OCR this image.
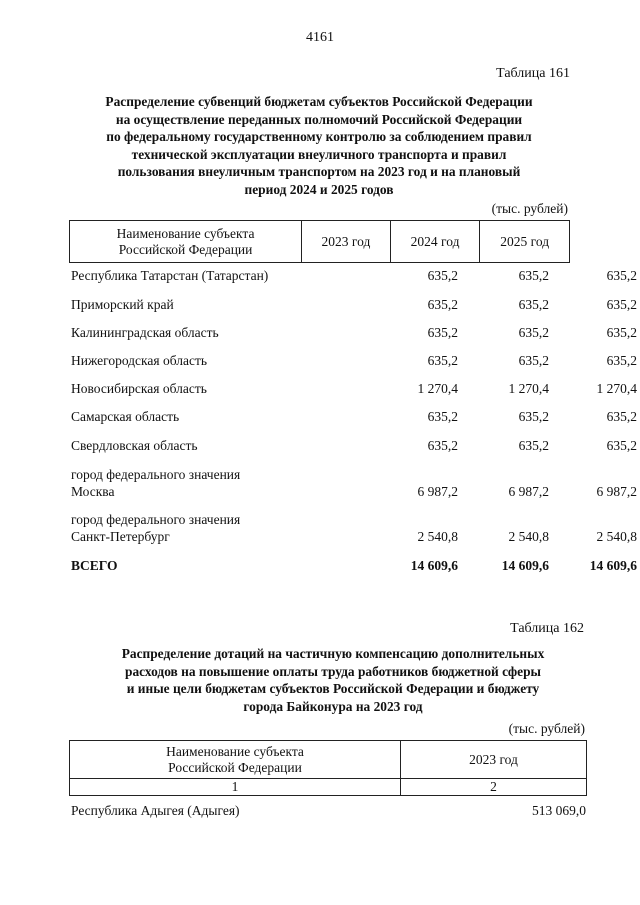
4161
Таблица 161
Распределение субвенций бюджетам субъектов Российской Федерации
на осуществление переданных полномочий Российской Федерации
по федеральному государственному контролю за соблюдением правил
технической эксплуатации внеуличного транспорта и правил
пользования внеуличным транспортом на 2023 год и на плановый
период 2024 и 2025 годов
(тыс. рублей)
Наименование субъекта
Российской Федерации	2023 год	2024 год	2025 год
Республика Татарстан (Татарстан)	635,2	635,2	635,2
Приморский край	635,2	635,2	635,2
Калининградская область	635,2	635,2	635,2
Нижегородская область	635,2	635,2	635,2
Новосибирская область	1 270,4	1 270,4	1 270,4
Самарская область	635,2	635,2	635,2
Свердловская область	635,2	635,2	635,2
город федерального значения
Москва	6 987,2	6 987,2	6 987,2
город федерального значения
Санкт-Петербург	2 540,8	2 540,8	2 540,8
ВСЕГО	14 609,6	14 609,6	14 609,6
Таблица 162
Распределение дотаций на частичную компенсацию дополнительных
расходов на повышение оплаты труда работников бюджетной сферы
и иные цели бюджетам субъектов Российской Федерации и бюджету
города Байконура на 2023 год
(тыс. рублей)
Наименование субъекта
Российской Федерации	2023 год
1	2
Республика Адыгея (Адыгея)	513 069,0
